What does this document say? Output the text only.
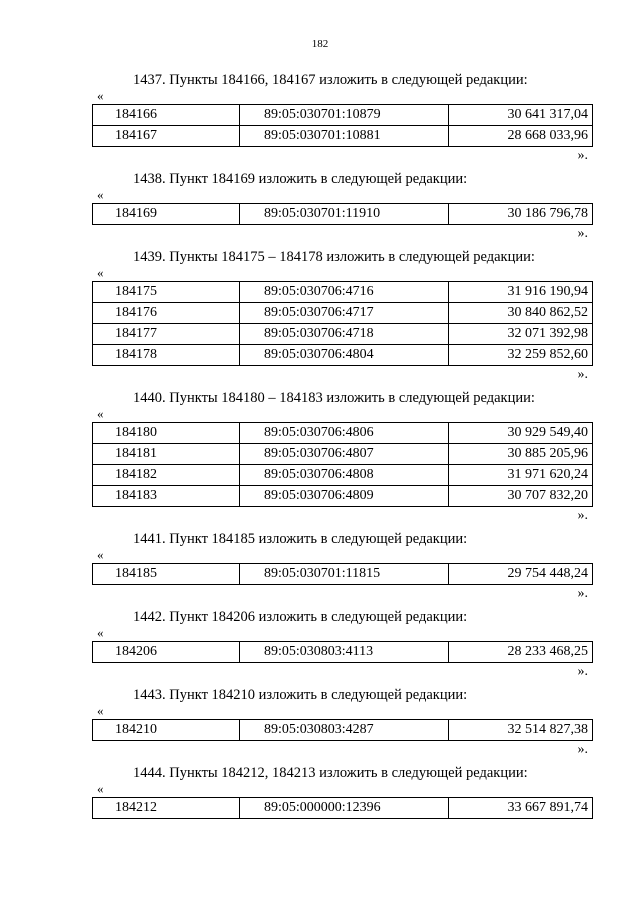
182
1437. Пункты 184166, 184167 изложить в следующей редакции:
«
184166	89:05:030701:10879	30 641 317,04
184167	89:05:030701:10881	28 668 033,96
».
1438. Пункт 184169 изложить в следующей редакции:
«
184169	89:05:030701:11910	30 186 796,78
».
1439. Пункты 184175 – 184178 изложить в следующей редакции:
«
184175	89:05:030706:4716	31 916 190,94
184176	89:05:030706:4717	30 840 862,52
184177	89:05:030706:4718	32 071 392,98
184178	89:05:030706:4804	32 259 852,60
».
1440. Пункты 184180 – 184183 изложить в следующей редакции:
«
184180	89:05:030706:4806	30 929 549,40
184181	89:05:030706:4807	30 885 205,96
184182	89:05:030706:4808	31 971 620,24
184183	89:05:030706:4809	30 707 832,20
».
1441. Пункт 184185 изложить в следующей редакции:
«
184185	89:05:030701:11815	29 754 448,24
».
1442. Пункт 184206 изложить в следующей редакции:
«
184206	89:05:030803:4113	28 233 468,25
».
1443. Пункт 184210 изложить в следующей редакции:
«
184210	89:05:030803:4287	32 514 827,38
».
1444. Пункты 184212, 184213 изложить в следующей редакции:
«
184212	89:05:000000:12396	33 667 891,74
